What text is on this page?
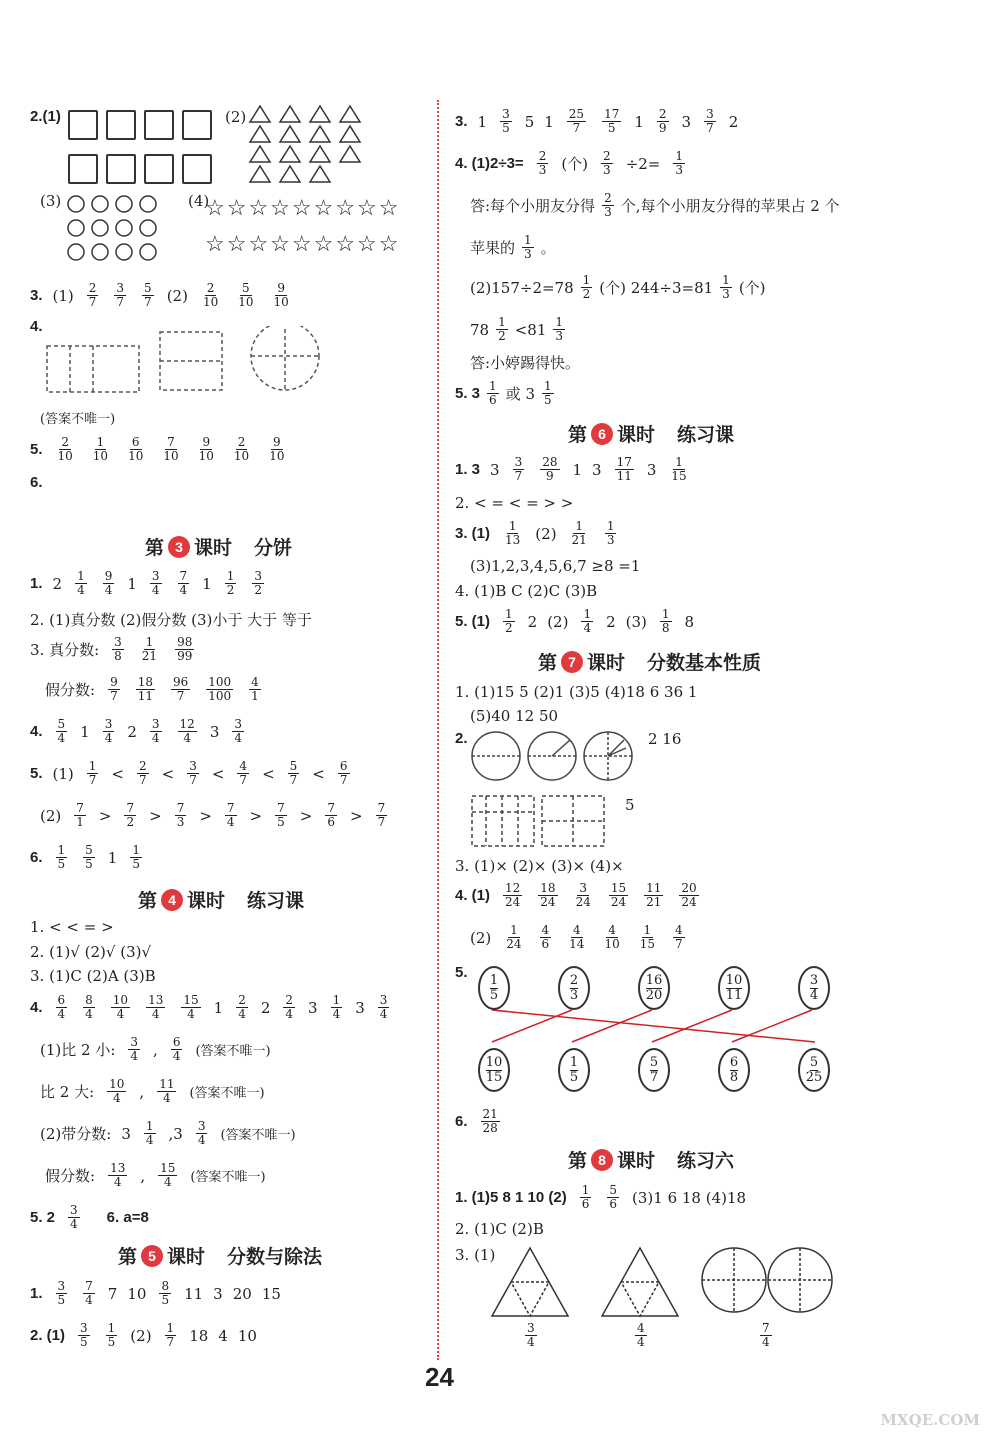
2.(1)	(2)
(3)	(4)
☆☆☆☆☆☆☆☆☆
☆☆☆☆☆☆☆☆☆
3. $(1) \frac{2}{7} \frac{3}{7} \frac{5}{7} (2) \frac{2}{10} \frac{5}{10} \frac{9}{10}$
4.
(答案不唯一)
5. $\frac{2}{10} \frac{1}{10} \frac{6}{10} \frac{7}{10} \frac{9}{10} \frac{2}{10} \frac{9}{10}$
6.
第 3 课时 分饼
1. $2 \frac{1}{4} \frac{9}{4} 1 \frac{3}{4} \frac{7}{4} 1 \frac{1}{2} \frac{3}{2}$
2. (1)真分数 (2)假分数 (3)小于 大于 等于
3. 真分数: $\frac{3}{8} \frac{1}{21} \frac{98}{99}$
假分数: $\frac{9}{7} \frac{18}{11} \frac{96}{7} \frac{100}{100} \frac{4}{1}$
4. $\frac{5}{4} 1 \frac{3}{4} 2 \frac{3}{4} \frac{12}{4} 3 \frac{3}{4}$
5. $(1) \frac{1}{7} < \frac{2}{7} < \frac{3}{7} < \frac{4}{7} < \frac{5}{7} < \frac{6}{7}$
$(2) \frac{7}{1} > \frac{7}{2} > \frac{7}{3} > \frac{7}{4} > \frac{7}{5} > \frac{7}{6} > \frac{7}{7}$
6. $\frac{1}{5} \frac{5}{5} 1 \frac{1}{5}$
第 4 课时 练习课
1. < < = >
2. (1)√ (2)√ (3)√
3. (1)C (2)A (3)B
4. $\frac{6}{4} \frac{8}{4} \frac{10}{4} \frac{13}{4} \frac{15}{4} 1 \frac{2}{4} 2 \frac{2}{4} 3 \frac{1}{4} 3 \frac{3}{4}$
(1)比 2 小: $\frac{3}{4}$ , $\frac{6}{4}$ (答案不唯一)
比 2 大: $\frac{10}{4}$ , $\frac{11}{4}$ (答案不唯一)
(2)带分数: $3 \frac{1}{4} ,3 \frac{3}{4}$ (答案不唯一)
假分数: $\frac{13}{4}$ , $\frac{15}{4}$ (答案不唯一)
5. $2 \frac{3}{4} 6$. a=8
第 5 课时 分数与除法
1. $\frac{3}{5} \frac{7}{4} 7$ $10 \frac{8}{5} 11$ 3 20 15
2. $(1) \frac{3}{5} \frac{1}{5} (2) \frac{1}{7} 18$ 4 10
3. $1 \frac{3}{5} 5$ $1 \frac{25}{7} \frac{17}{5} 1 \frac{2}{9} 3 \frac{3}{7} 2$
4. $(1)2\div 3= \frac{2}{3}$ (个) $\frac{2}{3} \div 2= \frac{1}{3}$
答:每个小朋友分得 $\frac{2}{3}$ 个,每个小朋友分得的苹果占 2 个
苹果的 $\frac{1}{3}$ 。
$(2)157\div 2=78 \frac{1}{2}$ (个) $244\div 3=81 \frac{1}{3}$ (个)
$78 \frac{1}{2} <81 \frac{1}{3}$
答:小婷踢得快。
5. $3 \frac{1}{6}$ 或 $3 \frac{1}{5}$
第 6 课时 练习课
1. 3 $3 \frac{3}{7} \frac{28}{9} 1$ $3 \frac{17}{11} 3 \frac{1}{15}$
2. < = < = > >
3. $(1) \frac{1}{13} (2) \frac{1}{21} \frac{1}{3}$
(3)1,2,3,4,5,6,7 ≥8 =1
4. (1)B C (2)C (3)B
5. $(1) \frac{1}{2} 2$ $(2) \frac{1}{4} 2$ $(3) \frac{1}{8} 8$
第 7 课时 分数基本性质
1. (1)15 5 (2)1 (3)5 (4)18 6 36 1
(5)40 12 50
2.	2 16
5
3. (1)× (2)× (3)× (4)×
4. $(1) \frac{12}{24} \frac{18}{24} \frac{3}{24} \frac{15}{24} \frac{11}{21} \frac{20}{24}$
$(2) \frac{1}{24} \frac{4}{6} \frac{4}{14} \frac{4}{10} \frac{1}{15} \frac{4}{7}$
5. $\frac{1}{5}$	$\frac{2}{3}$	$\frac{16}{20}$	$\frac{10}{11}$	$\frac{3}{4}$
$\frac{10}{15}$	$\frac{1}{5}$	$\frac{5}{7}$	$\frac{6}{8}$	$\frac{5}{25}$
6. $\frac{21}{28}$
第 8 课时 练习六
1. (1)5 8 1 10 $(2) \frac{1}{6} \frac{5}{6} (3)1$ 6 18 (4)18
2. (1)C (2)B
3. (1)
$\frac{3}{4}$	$\frac{4}{4}$	$\frac{7}{4}$
24
MXQE.COM
